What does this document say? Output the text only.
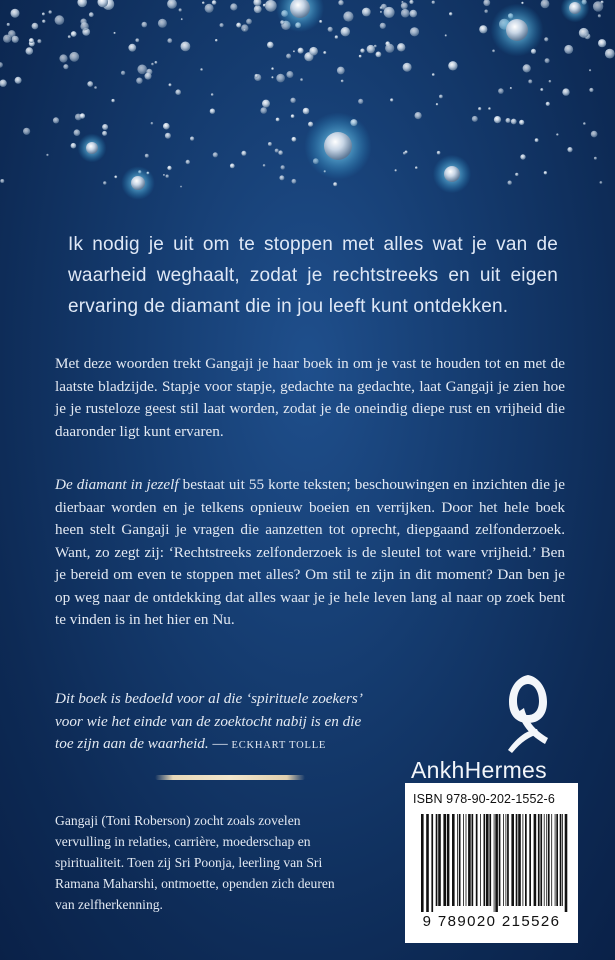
Ik nodig je uit om te stoppen met alles wat je van de waarheid weghaalt, zodat je rechtstreeks en uit eigen ervaring de diamant die in jou leeft kunt ontdekken.
Met deze woorden trekt Gangaji je haar boek in om je vast te houden tot en met de laatste bladzijde. Stapje voor stapje, gedachte na gedachte, laat Gangaji je zien hoe je je rusteloze geest stil laat worden, zodat je de oneindig diepe rust en vrijheid die daaronder ligt kunt ervaren.
De diamant in jezelf bestaat uit 55 korte teksten; beschouwingen en inzichten die je dierbaar worden en je telkens opnieuw boeien en verrijken. Door het hele boek heen stelt Gangaji je vragen die aanzetten tot oprecht, diepgaand zelfonderzoek. Want, zo zegt zij: ‘Rechtstreeks zelfonderzoek is de sleutel tot ware vrijheid.’ Ben je bereid om even te stoppen met alles? Om stil te zijn in dit moment? Dan ben je op weg naar de ontdekking dat alles waar je je hele leven lang al naar op zoek bent te vinden is in het hier en Nu.
Dit boek is bedoeld voor al die ‘spirituele zoekers’ voor wie het einde van de zoektocht nabij is en die toe zijn aan de waarheid. — ECKHART TOLLE
Gangaji (Toni Roberson) zocht zoals zovelen vervulling in relaties, carrière, moederschap en spiritualiteit. Toen zij Sri Poonja, leerling van Sri Ramana Maharshi, ontmoette, openden zich deuren van zelfherkenning.
AnkhHermes
ISBN 978-90-202-1552-6
9 789020 215526
